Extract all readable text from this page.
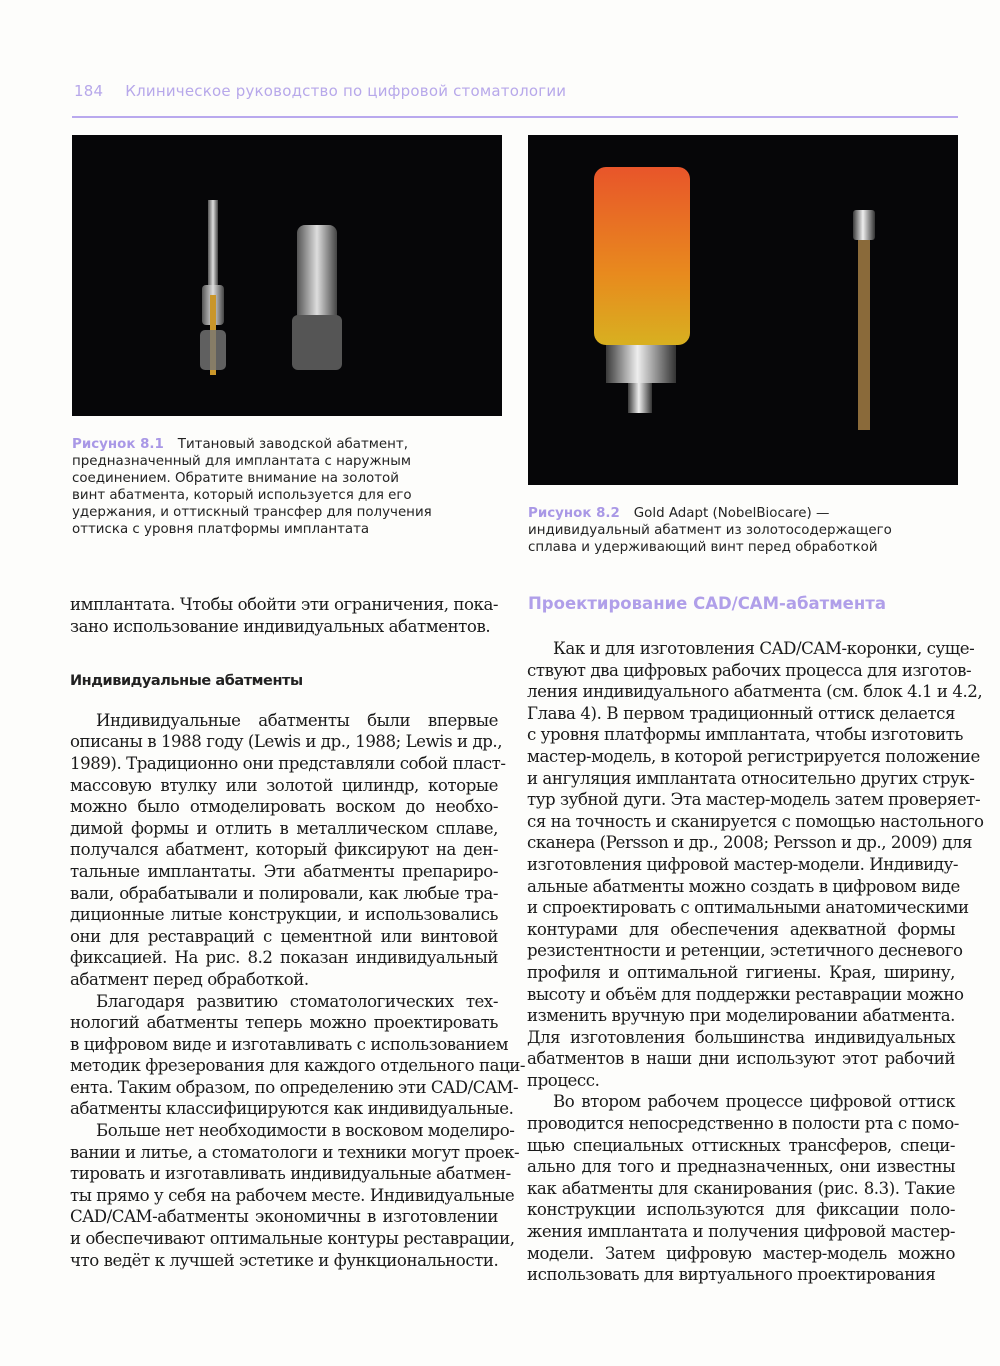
184 Клиническое руководство по цифровой стоматологии
Рисунок 8.1 Титановый заводской абатмент,
предназначенный для имплантата с наружным
соединением. Обратите внимание на золотой
винт абатмента, который используется для его
удержания, и оттискный трансфер для получения
оттиска с уровня платформы имплантата
Рисунок 8.2 Gold Adapt (NobelBiocare) —
индивидуальный абатмент из золотосодержащего
сплава и удерживающий винт перед обработкой
имплантата. Чтобы обойти эти ограничения, пока-
зано использование индивидуальных абатментов.
Индивидуальные абатменты
Индивидуальные абатменты были впервые
описаны в 1988 году (Lewis и др., 1988; Lewis и др.,
1989). Традиционно они представляли собой пласт-
массовую втулку или золотой цилиндр, которые
можно было отмоделировать воском до необхо-
димой формы и отлить в металлическом сплаве,
получался абатмент, который фиксируют на ден-
тальные имплантаты. Эти абатменты препариро-
вали, обрабатывали и полировали, как любые тра-
диционные литые конструкции, и использовались
они для реставраций с цементной или винтовой
фиксацией. На рис. 8.2 показан индивидуальный
абатмент перед обработкой.
Благодаря развитию стоматологических тех-
нологий абатменты теперь можно проектировать
в цифровом виде и изготавливать с использованием
методик фрезерования для каждого отдельного паци-
ента. Таким образом, по определению эти CAD/CAM-
абатменты классифицируются как индивидуальные.
Больше нет необходимости в восковом моделиро-
вании и литье, а стоматологи и техники могут проек-
тировать и изготавливать индивидуальные абатмен-
ты прямо у себя на рабочем месте. Индивидуальные
CAD/CAM-абатменты экономичны в изготовлении
и обеспечивают оптимальные контуры реставрации,
что ведёт к лучшей эстетике и функциональности.
Проектирование CAD/CAM-абатмента
Как и для изготовления CAD/CAM-коронки, суще-
ствуют два цифровых рабочих процесса для изготов-
ления индивидуального абатмента (см. блок 4.1 и 4.2,
Глава 4). В первом традиционный оттиск делается
с уровня платформы имплантата, чтобы изготовить
мастер-модель, в которой регистрируется положение
и ангуляция имплантата относительно других струк-
тур зубной дуги. Эта мастер-модель затем проверяет-
ся на точность и сканируется с помощью настольного
сканера (Persson и др., 2008; Persson и др., 2009) для
изготовления цифровой мастер-модели. Индивиду-
альные абатменты можно создать в цифровом виде
и спроектировать с оптимальными анатомическими
контурами для обеспечения адекватной формы
резистентности и ретенции, эстетичного десневого
профиля и оптимальной гигиены. Края, ширину,
высоту и объём для поддержки реставрации можно
изменить вручную при моделировании абатмента.
Для изготовления большинства индивидуальных
абатментов в наши дни используют этот рабочий
процесс.
Во втором рабочем процессе цифровой оттиск
проводится непосредственно в полости рта с помо-
щью специальных оттискных трансферов, специ-
ально для того и предназначенных, они известны
как абатменты для сканирования (рис. 8.3). Такие
конструкции используются для фиксации поло-
жения имплантата и получения цифровой мастер-
модели. Затем цифровую мастер-модель можно
использовать для виртуального проектирования
